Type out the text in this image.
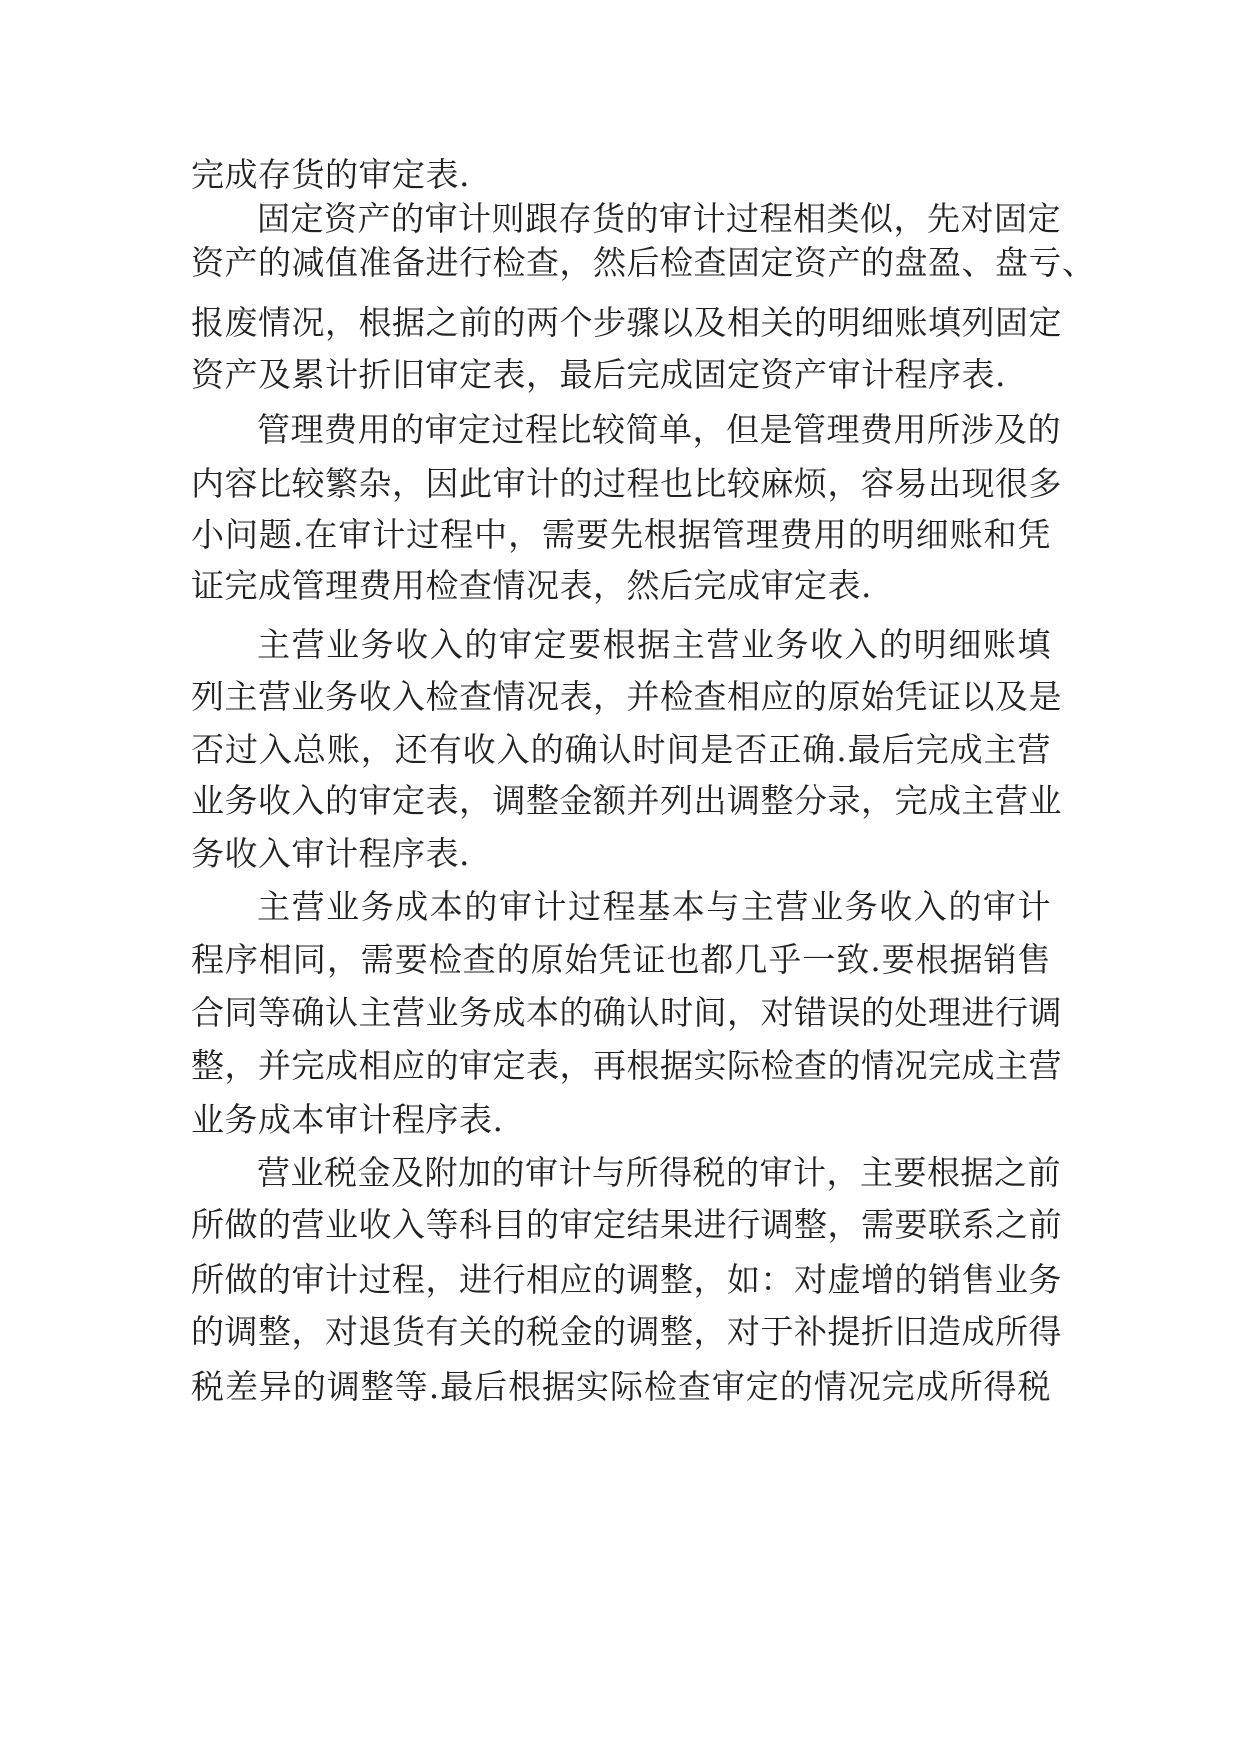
完成存货的审定表.
固定资产的审计则跟存货的审计过程相类似，先对固定
资产的减值准备进行检查，然后检查固定资产的盘盈、盘亏、
报废情况，根据之前的两个步骤以及相关的明细账填列固定
资产及累计折旧审定表，最后完成固定资产审计程序表.
管理费用的审定过程比较简单，但是管理费用所涉及的
内容比较繁杂，因此审计的过程也比较麻烦，容易出现很多
小问题.在审计过程中，需要先根据管理费用的明细账和凭
证完成管理费用检查情况表，然后完成审定表.
主营业务收入的审定要根据主营业务收入的明细账填
列主营业务收入检查情况表，并检查相应的原始凭证以及是
否过入总账，还有收入的确认时间是否正确.最后完成主营
业务收入的审定表，调整金额并列出调整分录，完成主营业
务收入审计程序表.
主营业务成本的审计过程基本与主营业务收入的审计
程序相同，需要检查的原始凭证也都几乎一致.要根据销售
合同等确认主营业务成本的确认时间，对错误的处理进行调
整，并完成相应的审定表，再根据实际检查的情况完成主营
业务成本审计程序表.
营业税金及附加的审计与所得税的审计，主要根据之前
所做的营业收入等科目的审定结果进行调整，需要联系之前
所做的审计过程，进行相应的调整，如：对虚增的销售业务
的调整，对退货有关的税金的调整，对于补提折旧造成所得
税差异的调整等.最后根据实际检查审定的情况完成所得税
